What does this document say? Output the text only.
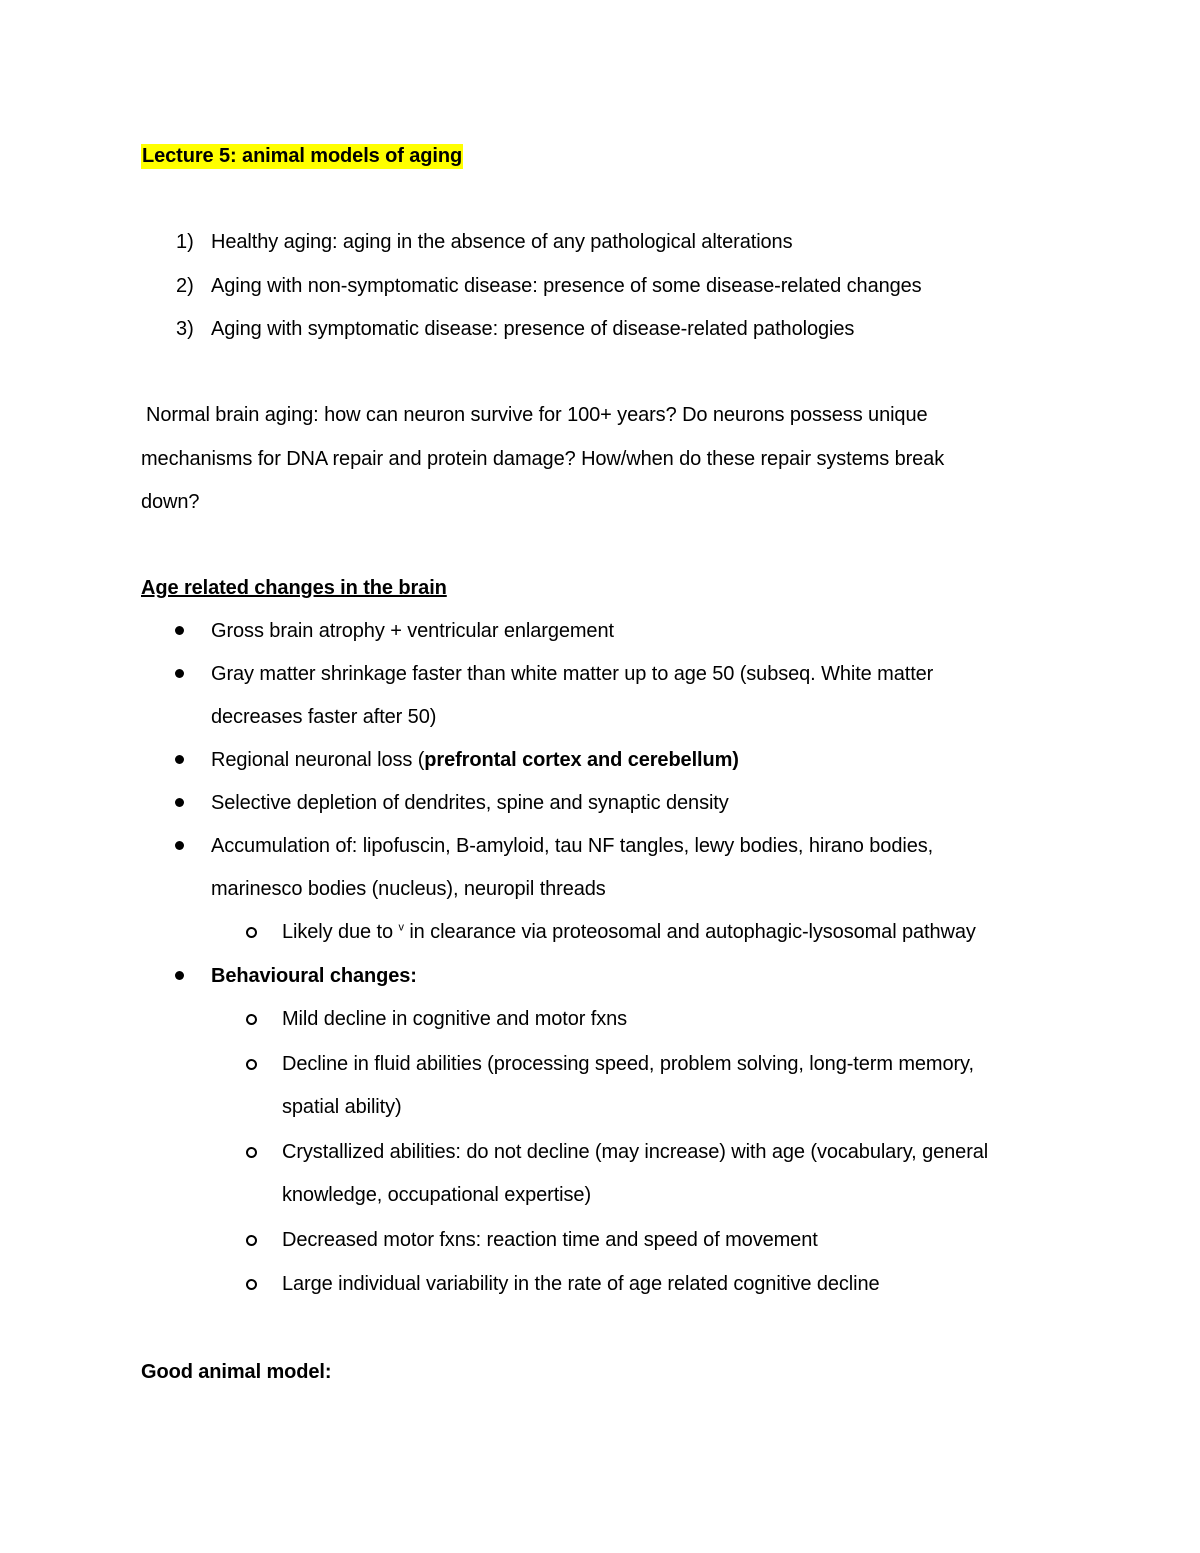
Lecture 5: animal models of aging
1) Healthy aging: aging in the absence of any pathological alterations
2) Aging with non-symptomatic disease: presence of some disease-related changes
3) Aging with symptomatic disease: presence of disease-related pathologies
Normal brain aging: how can neuron survive for 100+ years? Do neurons possess unique
mechanisms for DNA repair and protein damage? How/when do these repair systems break
down?
Age related changes in the brain
Gross brain atrophy + ventricular enlargement
Gray matter shrinkage faster than white matter up to age 50 (subseq. White matter
decreases faster after 50)
Regional neuronal loss (prefrontal cortex and cerebellum)
Selective depletion of dendrites, spine and synaptic density
Accumulation of: lipofuscin, B-amyloid, tau NF tangles, lewy bodies, hirano bodies,
marinesco bodies (nucleus), neuropil threads
Likely due to $^v$ in clearance via proteosomal and autophagic-lysosomal pathway
Behavioural changes:
Mild decline in cognitive and motor fxns
Decline in fluid abilities (processing speed, problem solving, long-term memory,
spatial ability)
Crystallized abilities: do not decline (may increase) with age (vocabulary, general
knowledge, occupational expertise)
Decreased motor fxns: reaction time and speed of movement
Large individual variability in the rate of age related cognitive decline
Good animal model:
